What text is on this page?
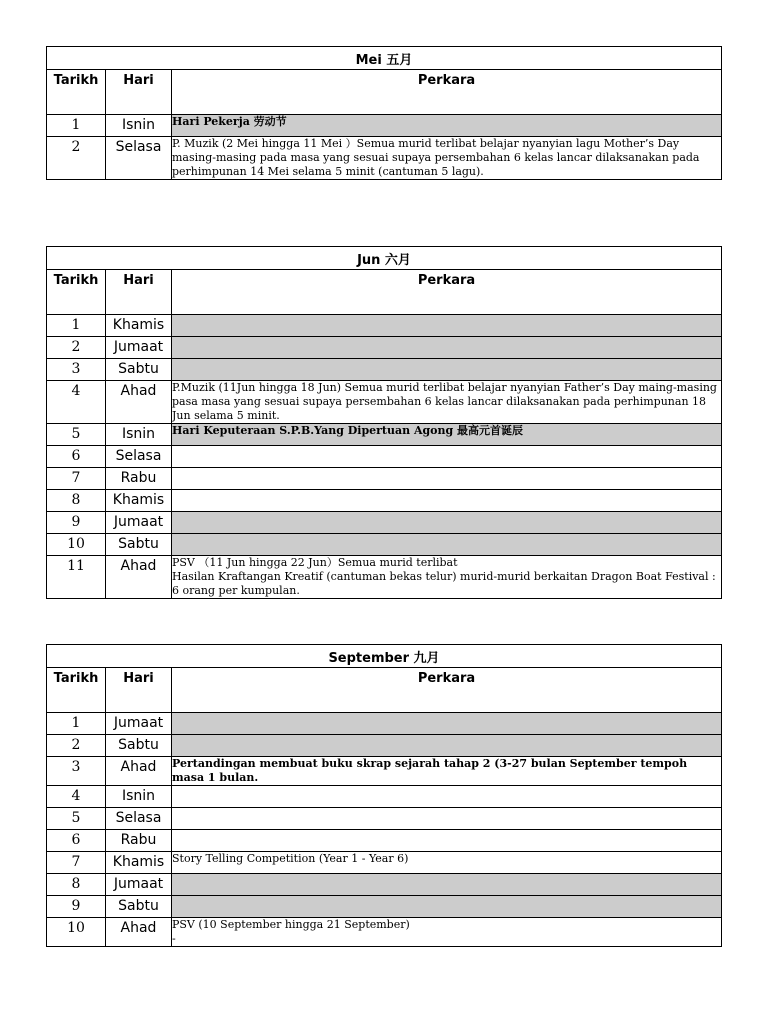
Mei 五月		
Tarikh	Hari	Perkara
1	Isnin	Hari Pekerja 劳动节
2	Selasa	P. Muzik (2 Mei hingga 11 Mei ）Semua murid terlibat belajar nyanyian lagu Mother’s Day masing-masing pada masa yang sesuai supaya persembahan 6 kelas lancar dilaksanakan pada perhimpunan 14 Mei selama 5 minit (cantuman 5 lagu).
Jun 六月		
Tarikh	Hari	Perkara
1	Khamis	
2	Jumaat	
3	Sabtu	
4	Ahad	P.Muzik (11Jun hingga 18 Jun) Semua murid terlibat belajar nyanyian Father’s Day maing-masing pasa masa yang sesuai supaya persembahan 6 kelas lancar dilaksanakan pada perhimpunan 18 Jun selama 5 minit.
5	Isnin	Hari Keputeraan S.P.B.Yang Dipertuan Agong 最高元首诞辰
6	Selasa	
7	Rabu	
8	Khamis	
9	Jumaat	
10	Sabtu	
11	Ahad	PSV （11 Jun hingga 22 Jun）Semua murid terlibat
Hasilan Kraftangan Kreatif (cantuman bekas telur) murid-murid berkaitan Dragon Boat Festival : 6 orang per kumpulan.
September 九月		
Tarikh	Hari	Perkara
1	Jumaat	
2	Sabtu	
3	Ahad	Pertandingan membuat buku skrap sejarah tahap 2 (3-27 bulan September tempoh masa 1 bulan.
4	Isnin	
5	Selasa	
6	Rabu	
7	Khamis	Story Telling Competition (Year 1 - Year 6)
8	Jumaat	
9	Sabtu	
10	Ahad	PSV (10 September hingga 21 September)
-
